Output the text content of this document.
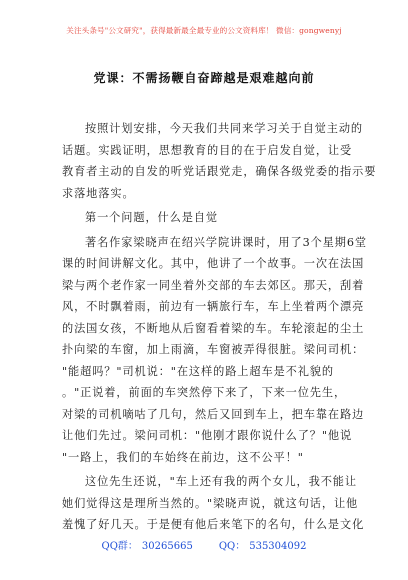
关注头条号"公文研究"，获得最新最全最专业的公文资料库！ 微信：gongwenyj
党课：不需扬鞭自奋蹄越是艰难越向前
按照计划安排，今天我们共同来学习关于自觉主动的
话题。实践证明，思想教育的目的在于启发自觉，让受
教育者主动的自发的听党话跟党走，确保各级党委的指示要
求落地落实。
第一个问题，什么是自觉
著名作家梁晓声在绍兴学院讲课时，用了3个星期6堂
课的时间讲解文化。其中，他讲了一个故事。一次在法国
梁与两个老作家一同坐着外交部的车去郊区。那天，刮着
风，不时飘着雨，前边有一辆旅行车，车上坐着两个漂亮
的法国女孩，不断地从后窗看着梁的车。车轮滚起的尘土
扑向梁的车窗，加上雨滴，车窗被弄得很脏。梁问司机：
"能超吗？"司机说："在这样的路上超车是不礼貌的
。"正说着，前面的车突然停下来了，下来一位先生，
对梁的司机嘀咕了几句，然后又回到车上，把车靠在路边
让他们先过。梁问司机："他刚才跟你说什么了？"他说
"一路上，我们的车始终在前边，这不公平！"
这位先生还说，"车上还有我的两个女儿，我不能让
她们觉得这是理所当然的。"梁晓声说，就这句话，让他
羞愧了好几天。于是便有他后来笔下的名句，什么是文化
QQ群： 30265665	QQ： 535304092
